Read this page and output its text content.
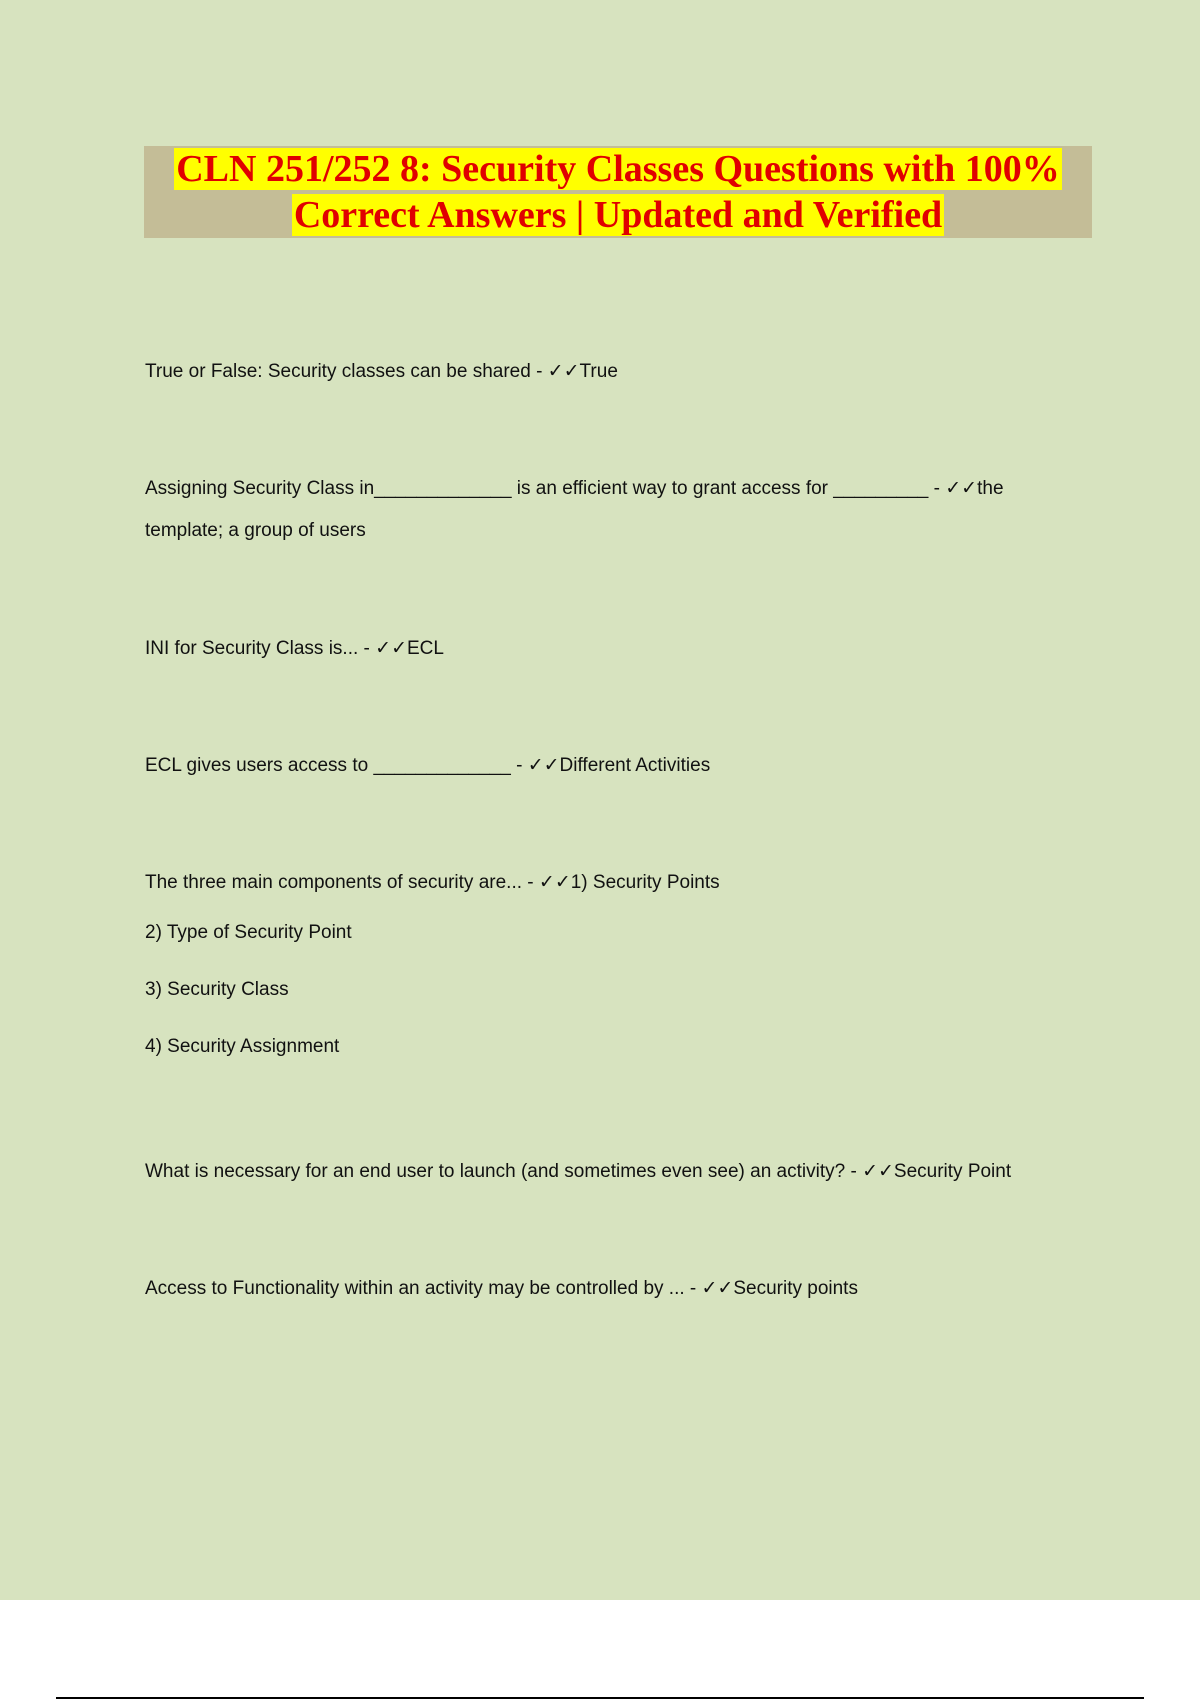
CLN 251/252 8: Security Classes Questions with 100%
Correct Answers | Updated and Verified
True or False: Security classes can be shared - ✓✓True
Assigning Security Class in_____________ is an efficient way to grant access for _________ - ✓✓the
template; a group of users
INI for Security Class is... - ✓✓ECL
ECL gives users access to _____________ - ✓✓Different Activities
The three main components of security are... - ✓✓1) Security Points
2) Type of Security Point
3) Security Class
4) Security Assignment
What is necessary for an end user to launch (and sometimes even see) an activity? - ✓✓Security Point
Access to Functionality within an activity may be controlled by ... - ✓✓Security points
